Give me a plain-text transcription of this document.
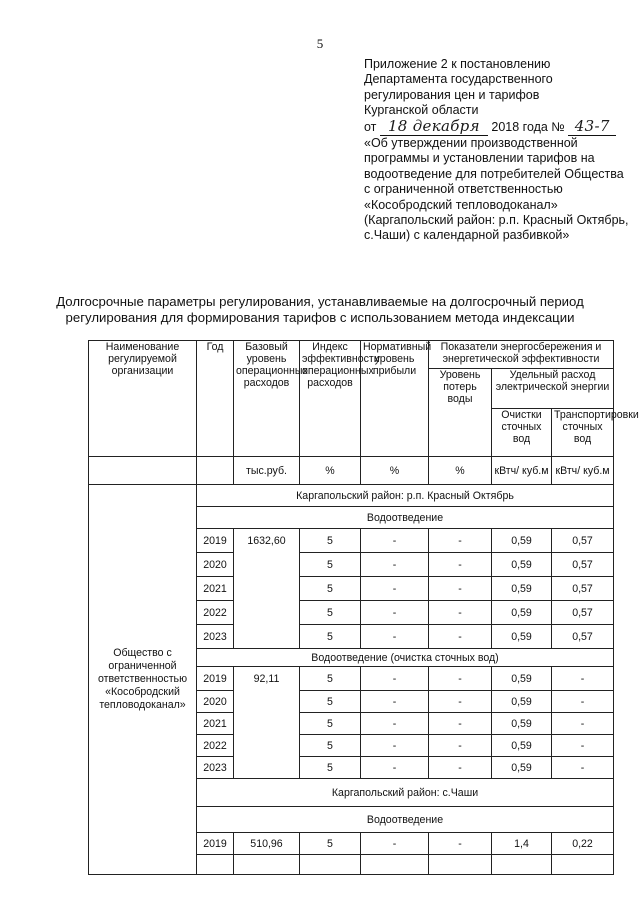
5
Приложение 2 к постановлению
Департамента государственного
регулирования цен и тарифов
Курганской области
от 18 декабря 2018 года № 43-7
«Об утверждении производственной программы и установлении тарифов на водоотведение для потребителей Общества с ограниченной ответственностью «Кособродский тепловодоканал» (Каргапольский район: р.п. Красный Октябрь, с.Чаши) с календарной разбивкой»
Долгосрочные параметры регулирования, устанавливаемые на долгосрочный период
регулирования для формирования тарифов с использованием метода индексации
Наименование регулируемой организации	Год	Базовый уровень операционных расходов	Индекс эффективности операционных расходов	Нормативный уровень прибыли	Показатели энергосбережения и энергетической эффективности		
					Уровень потерь воды	Удельный расход электрической энергии	
						Очистки сточных вод	Транспортировки сточных вод

		тыс.руб.	%	%	%	кВтч/ куб.м	кВтч/ куб.м
Общество с ограниченной ответственностью «Кособродский тепловодоканал»	Каргапольский район: р.п. Красный Октябрь						
	Водоотведение						
	2019	1632,60	5	-	-	0,59	0,57
	2020		5	-	-	0,59	0,57
	2021		5	-	-	0,59	0,57
	2022		5	-	-	0,59	0,57
	2023		5	-	-	0,59	0,57
	Водоотведение (очистка сточных вод)						
	2019	92,11	5	-	-	0,59	-
	2020		5	-	-	0,59	-
	2021		5	-	-	0,59	-
	2022		5	-	-	0,59	-
	2023		5	-	-	0,59	-
	Каргапольский район: с.Чаши						
	Водоотведение						
	2019	510,96	5	-	-	1,4	0,22
